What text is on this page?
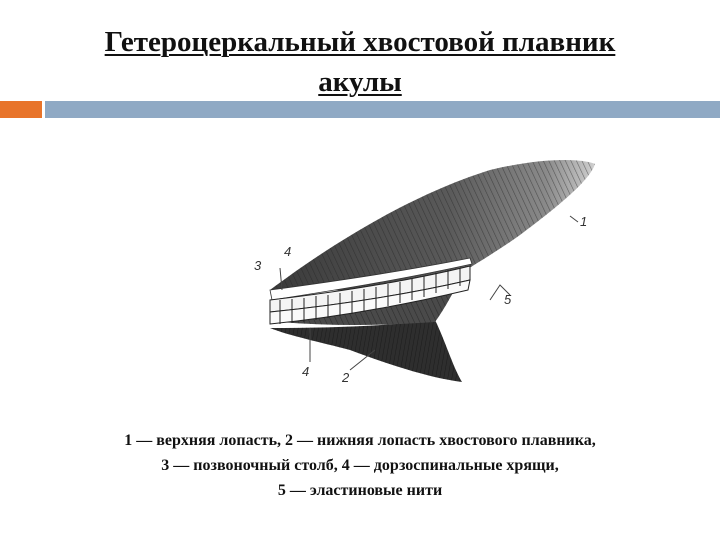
Гетероцеркальный хвостовой плавник
акулы
1
3
4
5
4	2
1 — верхняя лопасть, 2 — нижняя лопасть хвостового плавника,
3 — позвоночный столб, 4 — дорзоспинальные хрящи,
5 — эластиновые нити
